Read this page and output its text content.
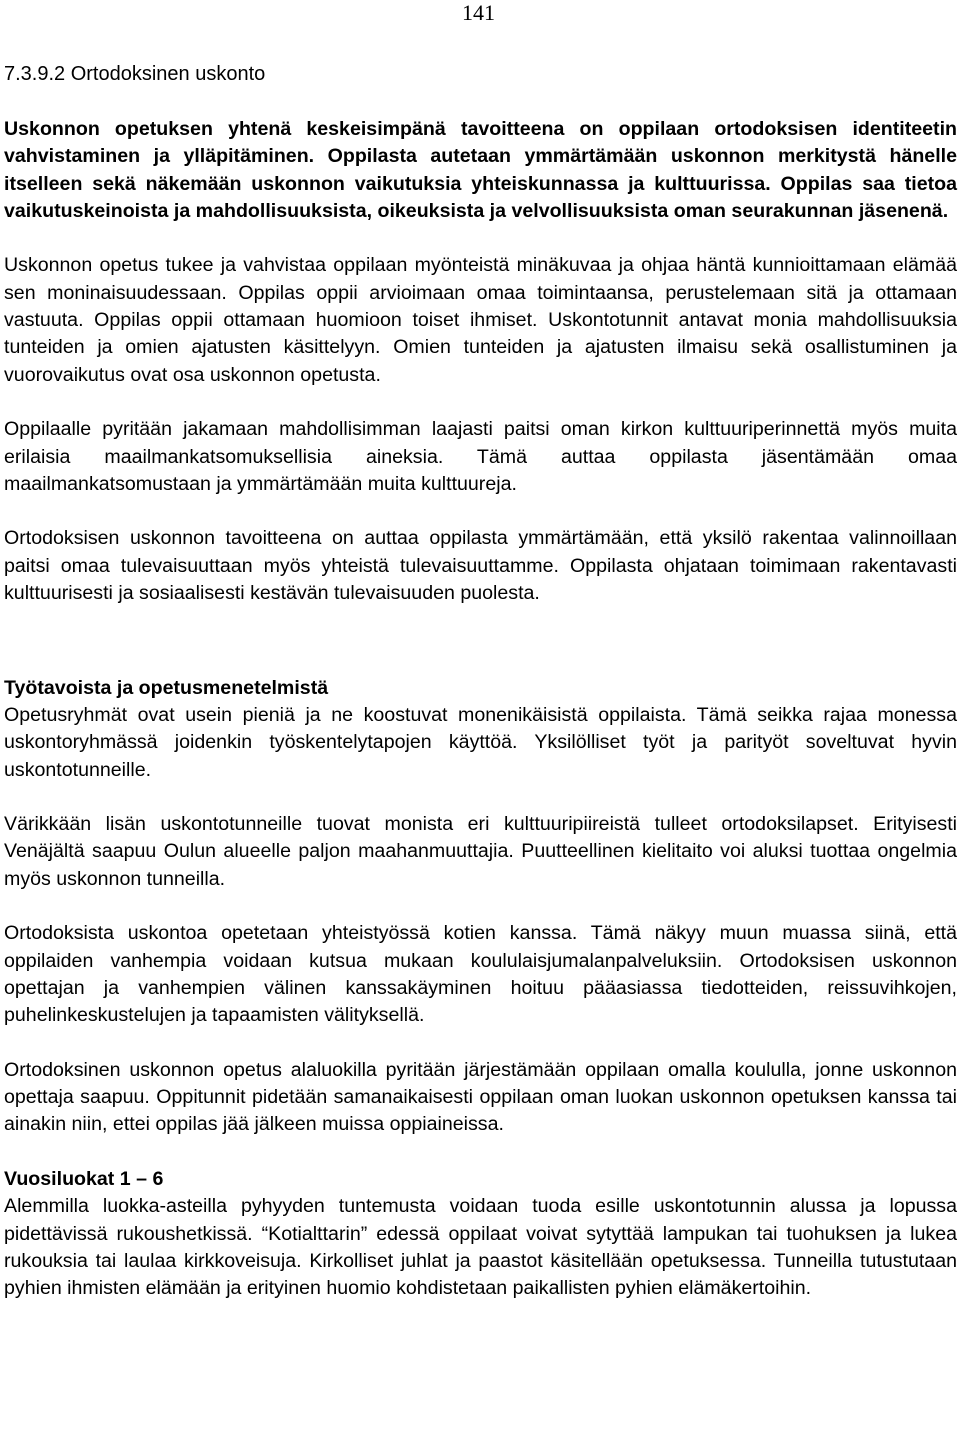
141
7.3.9.2 Ortodoksinen uskonto

Uskonnon opetuksen yhtenä keskeisimpänä tavoitteena on oppilaan ortodoksisen identiteetin vahvistaminen ja ylläpitäminen. Oppilasta autetaan ymmärtämään uskonnon merkitystä hänelle itselleen sekä näkemään uskonnon vaikutuksia yhteiskunnassa ja kulttuurissa. Oppilas saa tietoa vaikutuskeinoista ja mahdollisuuksista, oikeuksista ja velvollisuuksista oman seurakunnan jäsenenä.

Uskonnon opetus tukee ja vahvistaa oppilaan myönteistä minäkuvaa ja ohjaa häntä kunnioittamaan elämää sen moninaisuudessaan. Oppilas oppii arvioimaan omaa toimintaansa, perustelemaan sitä ja ottamaan vastuuta. Oppilas oppii ottamaan huomioon toiset ihmiset. Uskontotunnit antavat monia mahdollisuuksia tunteiden ja omien ajatusten käsittelyyn. Omien tunteiden ja ajatusten ilmaisu sekä osallistuminen ja vuorovaikutus ovat osa uskonnon opetusta.

Oppilaalle pyritään jakamaan mahdollisimman laajasti paitsi oman kirkon kulttuuriperinnettä myös muita erilaisia maailmankatsomuksellisia aineksia. Tämä auttaa oppilasta jäsentämään omaa maailmankatsomustaan ja ymmärtämään muita kulttuureja.

Ortodoksisen uskonnon tavoitteena on auttaa oppilasta ymmärtämään, että yksilö rakentaa valinnoillaan paitsi omaa tulevaisuuttaan myös yhteistä tulevaisuuttamme. Oppilasta ohjataan toimimaan rakentavasti kulttuurisesti ja sosiaalisesti kestävän tulevaisuuden puolesta.

Työtavoista ja opetusmenetelmistä

Opetusryhmät ovat usein pieniä ja ne koostuvat monenikäisistä oppilaista. Tämä seikka rajaa monessa uskontoryhmässä joidenkin työskentelytapojen käyttöä. Yksilölliset työt ja parityöt soveltuvat hyvin uskontotunneille.

Värikkään lisän uskontotunneille tuovat monista eri kulttuuripiireistä tulleet ortodoksilapset. Erityisesti Venäjältä saapuu Oulun alueelle paljon maahanmuuttajia. Puutteellinen kielitaito voi aluksi tuottaa ongelmia myös uskonnon tunneilla.

Ortodoksista uskontoa opetetaan yhteistyössä kotien kanssa. Tämä näkyy muun muassa siinä, että oppilaiden vanhempia voidaan kutsua mukaan koululaisjumalanpalveluksiin. Ortodoksisen uskonnon opettajan ja vanhempien välinen kanssakäyminen hoituu pääasiassa tiedotteiden, reissuvihkojen, puhelinkeskustelujen ja tapaamisten välityksellä.

Ortodoksinen uskonnon opetus alaluokilla pyritään järjestämään oppilaan omalla koululla, jonne uskonnon opettaja saapuu. Oppitunnit pidetään samanaikaisesti oppilaan oman luokan uskonnon opetuksen kanssa tai ainakin niin, ettei oppilas jää jälkeen muissa oppiaineissa.

Vuosiluokat 1 – 6

Alemmilla luokka-asteilla pyhyyden tuntemusta voidaan tuoda esille uskontotunnin alussa ja lopussa pidettävissä rukoushetkissä. “Kotialttarin” edessä oppilaat voivat sytyttää lampukan tai tuohuksen ja lukea rukouksia tai laulaa kirkkoveisuja. Kirkolliset juhlat ja paastot käsitellään opetuksessa. Tunneilla tutustutaan pyhien ihmisten elämään ja erityinen huomio kohdistetaan paikallisten pyhien elämäkertoihin.
